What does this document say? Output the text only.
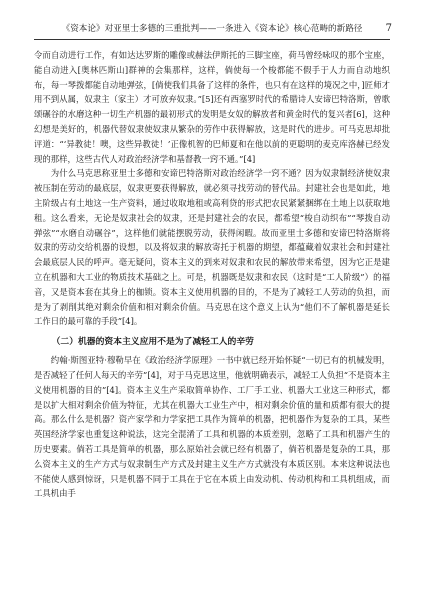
《资本论》对亚里士多德的三重批判——一条进入《资本论》核心范畴的新路径 7

令而自动进行工作，有如达达罗斯的雕像或赫法伊斯托的三脚宝座，荷马曾经咏叹的那个宝座，能自动进入[奥林匹斯山]群神的会集那样，这样，倘使每一个梭都能不假手于人力而自动地织布，每一琴拨都能自动地弹弦，[倘使我们具备了这样的条件，也只有在这样的境况之中，]匠师才用不到从属，奴隶主（家主）才可放弃奴隶。”[5]还有西塞罗时代的希腊诗人安谛巴特洛斯，曾歌颂碾谷的水磨这种一切生产机器的最初形式的发明是女奴的解放者和黄金时代的复兴者[6]，这种幻想是美好的，机器代替奴隶使奴隶从繁杂的劳作中获得解放，这是时代的进步。可马克思却批评道：“‘异教徒！噢，这些异教徒！’正像机智的巴师夏和在他以前的更聪明的麦克库洛赫已经发现的那样，这些古代人对政治经济学和基督教一窍不通。”[4]

为什么马克思称亚里士多德和安谛巴特洛斯对政治经济学一窍不通？因为奴隶制经济使奴隶被压制在劳动的最底层，奴隶更要获得解放，就必须寻找劳动的替代品。封建社会也是如此，地主阶级占有土地这一生产资料，通过收取地租或高利贷的形式把农民紧紧捆绑在土地上以获取地租。这么看来，无论是奴隶社会的奴隶，还是封建社会的农民，都希望“梭自动织布”“琴拨自动弹弦”“水磨自动碾谷”，这样他们就能摆脱劳动，获得闲暇。故而亚里士多德和安谛巴特洛斯将奴隶的劳动交给机器的设想，以及将奴隶的解放寄托于机器的期望，都蕴藏着奴隶社会和封建社会最底层人民的呼声。毫无疑问，资本主义的到来对奴隶和农民的解放带来希望，因为它正是建立在机器和大工业的物质技术基础之上。可是，机器既是奴隶和农民（这时是“工人阶级”）的福音，又是资本套在其身上的枷锁。资本主义使用机器的目的，不是为了减轻工人劳动的负担，而是为了剥削其绝对剩余价值和相对剩余价值。马克思在这个意义上认为“他们不了解机器是延长工作日的最可靠的手段”[4]。

（二）机器的资本主义应用不是为了减轻工人的辛劳

约翰·斯图亚特·穆勒早在《政治经济学原理》一书中就已经开始怀疑“一切已有的机械发明，是否减轻了任何人每天的辛劳”[4]，对于马克思这里，他就明确表示，减轻工人负担“不是资本主义使用机器的目的”[4]。资本主义生产采取简单协作、工厂手工业、机器大工业这三种形式，都是以扩大相对剩余价值为特征，尤其在机器大工业生产中，相对剩余价值的量和质都有很大的提高。那么什么是机器？资产家学和力学家把工具作为简单的机器，把机器作为复杂的工具，某些英国经济学家也重复这种说法，这完全混淆了工具和机器的本质差别，忽略了工具和机器产生的历史要素。倘若工具是简单的机器，那么原始社会就已经有机器了，倘若机器是复杂的工具，那么资本主义的生产方式与奴隶制生产方式及封建主义生产方式就没有本质区别。本来这种说法也不能使人感到惊讶，只是机器不同于工具在于它在本质上由发动机、传动机构和工具机组成，而工具机由手
